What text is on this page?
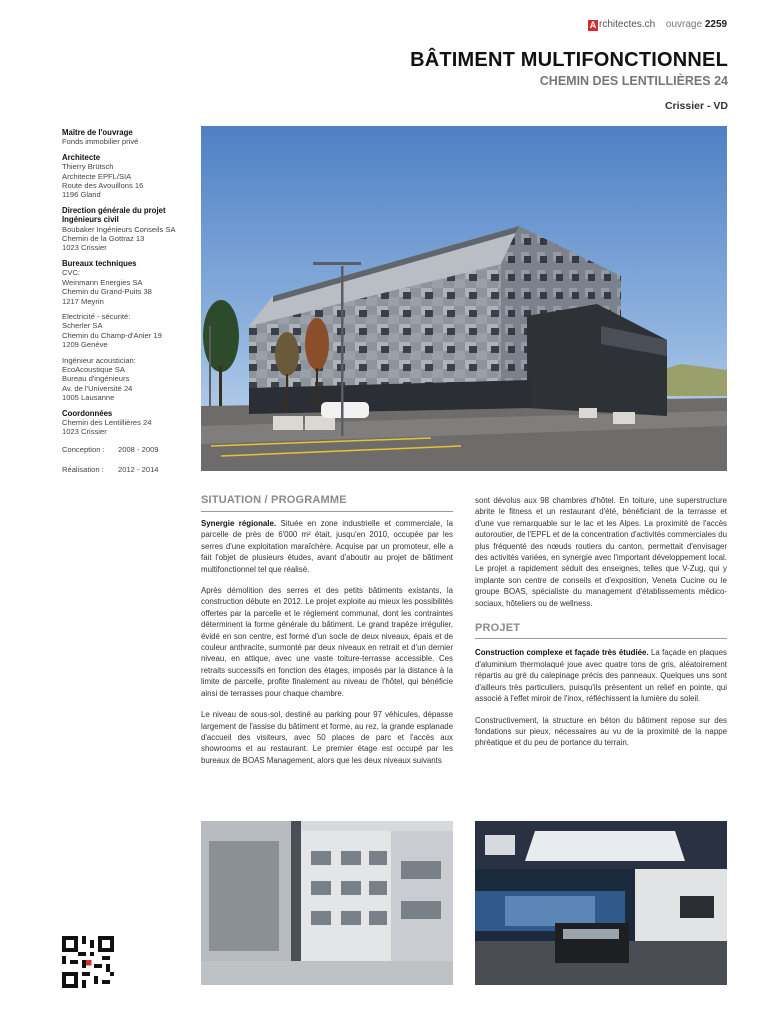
A rchitectes.ch ouvrage 2259
BÂTIMENT MULTIFONCTIONNEL
CHEMIN DES LENTILLIÈRES 24
Crissier - VD
Maître de l'ouvrage
Fonds immobilier privé
Architecte
Thierry Brütsch
Architecte EPFL/SIA
Route des Avouillons 16
1196 Gland
Direction générale du projet
Ingénieurs civil
Boubaker Ingénieurs Conseils SA
Chemin de la Gottraz 13
1023 Crissier
Bureaux techniques
CVC:
Weinmann Energies SA
Chemin du Grand-Puits 38
1217 Meyrin
Electricité - sécurité:
Scherler SA
Chemin du Champ-d'Anier 19
1209 Genève
Ingénieur acoustician:
EcoAcoustique SA
Bureau d'ingénieurs
Av. de l'Université 24
1005 Lausanne
Coordonnées
Chemin des Lentillières 24
1023 Crissier
Conception :	2008 - 2009
Réalisation :	2012 - 2014
SITUATION / PROGRAMME

Synergie régionale. Située en zone industrielle et commerciale, la parcelle de près de 6'000 m² était, jusqu'en 2010, occupée par les serres d'une exploitation maraîchère. Acquise par un promoteur, elle a fait l'objet de plusieurs études, avant d'aboutir au projet de bâtiment multifonctionnel tel que réalisé.

Après démolition des serres et des petits bâtiments existants, la construction débute en 2012. Le projet exploite au mieux les possibilités offertes par la parcelle et le règlement communal, dont les contraintes déterminent la forme générale du bâtiment. Le grand trapèze irrégulier, évidé en son centre, est formé d'un socle de deux niveaux, épais et de couleur anthracite, surmonté par deux niveaux en retrait et d'un dernier niveau, en attique, avec une vaste toiture-terrasse accessible. Ces retraits successifs en fonction des étages, imposés par la distance à la limite de parcelle, profite finalement au niveau de l'hôtel, qui bénéficie ainsi de terrasses pour chaque chambre.

Le niveau de sous-sol, destiné au parking pour 97 véhicules, dépasse largement de l'assise du bâtiment et forme, au rez, la grande esplanade d'accueil des visiteurs, avec 50 places de parc et l'accès aux showrooms et au restaurant. Le premier étage est occupé par les bureaux de BOAS Management, alors que les deux niveaux suivants

sont dévolus aux 98 chambres d'hôtel. En toiture, une superstructure abrite le fitness et un restaurant d'été, bénéficiant de la terrasse et d'une vue remarquable sur le lac et les Alpes. La proximité de l'accès autoroutier, de l'EPFL et de la concentration d'activités commerciales du plus fréquenté des nœuds routiers du canton, permettait d'envisager des activités variées, en synergie avec l'important développement local. Le projet a rapidement séduit des enseignes, telles que V-Zug, qui y implante son centre de conseils et d'exposition, Veneta Cucine ou le groupe BOAS, spécialiste du management d'établissements médico-sociaux, hôteliers ou de wellness.

PROJET

Construction complexe et façade très étudiée. La façade en plaques d'aluminium thermolaqué joue avec quatre tons de gris, aléatoirement répartis au gré du calepinage précis des panneaux. Quelques uns sont d'ailleurs très particuliers, puisqu'ils présentent un relief en pointe, qui associé à l'effet miroir de l'inox, réfléchissent la lumière du soleil.

Constructivement, la structure en béton du bâtiment repose sur des fondations sur pieux, nécessaires au vu de la proximité de la nappe phréatique et du peu de portance du terrain.
